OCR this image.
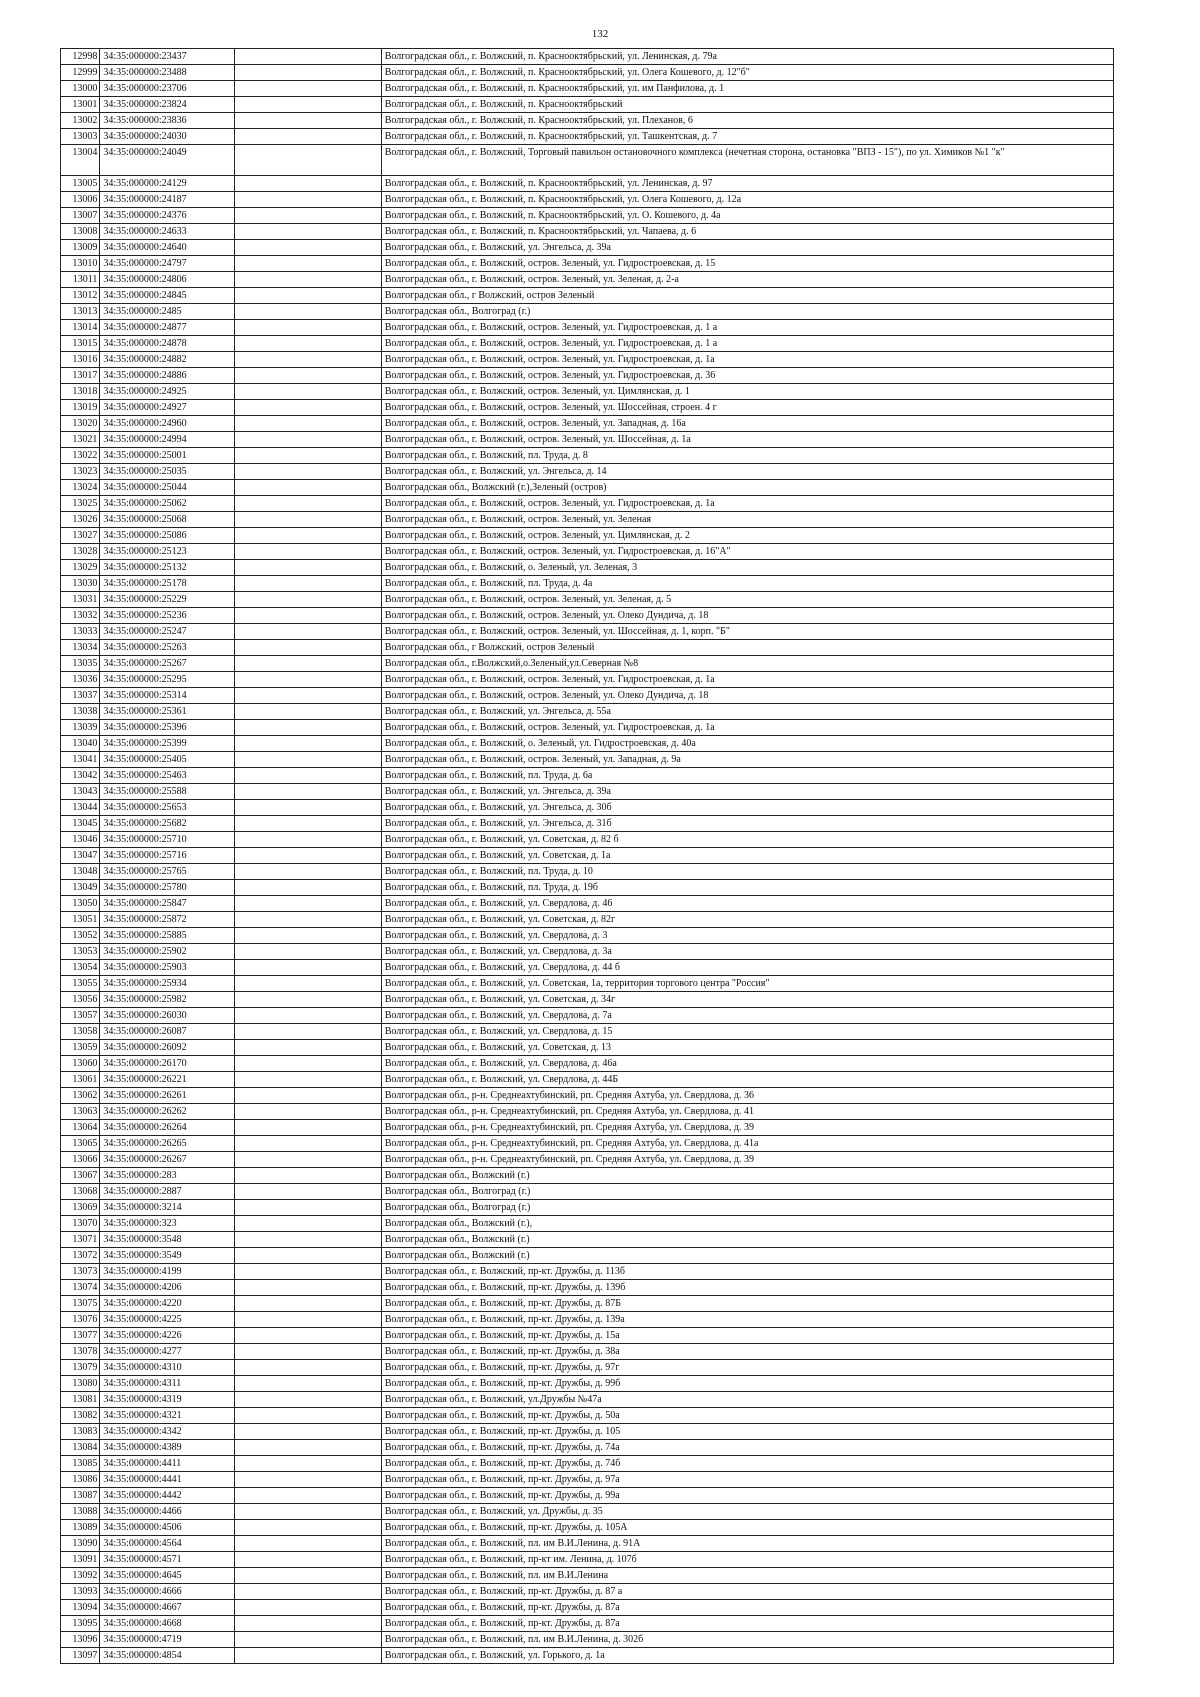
132
12998	34:35:000000:23437		Волгоградская обл., г. Волжский, п. Краснооктябрьский, ул. Ленинская, д. 79а
12999	34:35:000000:23488		Волгоградская обл., г. Волжский, п. Краснооктябрьский, ул. Олега Кошевого, д. 12"б"
13000	34:35:000000:23706		Волгоградская обл., г. Волжский, п. Краснооктябрьский, ул. им Панфилова, д. 1
13001	34:35:000000:23824		Волгоградская обл., г. Волжский, п. Краснооктябрьский
13002	34:35:000000:23836		Волгоградская обл., г. Волжский, п. Краснооктябрьский, ул. Плеханов, 6
13003	34:35:000000:24030		Волгоградская обл., г. Волжский, п. Краснооктябрьский, ул. Ташкентская, д. 7
13004	34:35:000000:24049		Волгоградская обл., г. Волжский, Торговый павильон остановочного комплекса (нечетная сторона, остановка "ВПЗ - 15"), по ул. Химиков №1 "к"
13005	34:35:000000:24129		Волгоградская обл., г. Волжский, п. Краснооктябрьский, ул. Ленинская, д. 97
13006	34:35:000000:24187		Волгоградская обл., г. Волжский, п. Краснооктябрьский, ул. Олега Кошевого, д. 12а
13007	34:35:000000:24376		Волгоградская обл., г. Волжский, п. Краснооктябрьский, ул. О. Кошевого, д. 4а
13008	34:35:000000:24633		Волгоградская обл., г. Волжский, п. Краснооктябрьский, ул. Чапаева, д. 6
13009	34:35:000000:24640		Волгоградская обл., г. Волжский, ул. Энгельса, д. 39а
13010	34:35:000000:24797		Волгоградская обл., г. Волжский, остров. Зеленый, ул. Гидростроевская, д. 15
13011	34:35:000000:24806		Волгоградская обл., г. Волжский, остров. Зеленый, ул. Зеленая, д. 2-а
13012	34:35:000000:24845		Волгоградская обл., г Волжский, остров Зеленый
13013	34:35:000000:2485		Волгоградская обл., Волгоград (г.)
13014	34:35:000000:24877		Волгоградская обл., г. Волжский, остров. Зеленый, ул. Гидростроевская, д. 1 а
13015	34:35:000000:24878		Волгоградская обл., г. Волжский, остров. Зеленый, ул. Гидростроевская, д. 1 а
13016	34:35:000000:24882		Волгоградская обл., г. Волжский, остров. Зеленый, ул. Гидростроевская, д. 1а
13017	34:35:000000:24886		Волгоградская обл., г. Волжский, остров. Зеленый, ул. Гидростроевская, д. 36
13018	34:35:000000:24925		Волгоградская обл., г. Волжский, остров. Зеленый, ул. Цимлянская, д. 1
13019	34:35:000000:24927		Волгоградская обл., г. Волжский, остров. Зеленый, ул. Шоссейная, строен. 4 г
13020	34:35:000000:24960		Волгоградская обл., г. Волжский, остров. Зеленый, ул. Западная, д. 16а
13021	34:35:000000:24994		Волгоградская обл., г. Волжский, остров. Зеленый, ул. Шоссейная, д. 1а
13022	34:35:000000:25001		Волгоградская обл., г. Волжский, пл. Труда, д. 8
13023	34:35:000000:25035		Волгоградская обл., г. Волжский, ул. Энгельса, д. 14
13024	34:35:000000:25044		Волгоградская обл., Волжский (г.),Зеленый (остров)
13025	34:35:000000:25062		Волгоградская обл., г. Волжский, остров. Зеленый, ул. Гидростроевская, д. 1а
13026	34:35:000000:25068		Волгоградская обл., г. Волжский, остров. Зеленый, ул. Зеленая
13027	34:35:000000:25086		Волгоградская обл., г. Волжский, остров. Зеленый, ул. Цимлянская, д. 2
13028	34:35:000000:25123		Волгоградская обл., г. Волжский, остров. Зеленый, ул. Гидростроевская, д. 16"А"
13029	34:35:000000:25132		Волгоградская обл., г. Волжский, о. Зеленый, ул. Зеленая, 3
13030	34:35:000000:25178		Волгоградская обл., г. Волжский, пл. Труда, д. 4а
13031	34:35:000000:25229		Волгоградская обл., г. Волжский, остров. Зеленый, ул. Зеленая, д. 5
13032	34:35:000000:25236		Волгоградская обл., г. Волжский, остров. Зеленый, ул. Олеко Дундича, д. 18
13033	34:35:000000:25247		Волгоградская обл., г. Волжский, остров. Зеленый, ул. Шоссейная, д. 1, корп. "Б"
13034	34:35:000000:25263		Волгоградская обл., г Волжский, остров Зеленый
13035	34:35:000000:25267		Волгоградская обл., г.Волжский,о.Зеленый,ул.Северная №8
13036	34:35:000000:25295		Волгоградская обл., г. Волжский, остров. Зеленый, ул. Гидростроевская, д. 1а
13037	34:35:000000:25314		Волгоградская обл., г. Волжский, остров. Зеленый, ул. Олеко Дундича, д. 18
13038	34:35:000000:25361		Волгоградская обл., г. Волжский, ул. Энгельса, д. 55а
13039	34:35:000000:25396		Волгоградская обл., г. Волжский, остров. Зеленый, ул. Гидростроевская, д. 1а
13040	34:35:000000:25399		Волгоградская обл., г. Волжский, о. Зеленый, ул. Гидростроевская, д. 40а
13041	34:35:000000:25405		Волгоградская обл., г. Волжский, остров. Зеленый, ул. Западная, д. 9а
13042	34:35:000000:25463		Волгоградская обл., г. Волжский, пл. Труда, д. 6а
13043	34:35:000000:25588		Волгоградская обл., г. Волжский, ул. Энгельса, д. 39а
13044	34:35:000000:25653		Волгоградская обл., г. Волжский, ул. Энгельса, д. 30б
13045	34:35:000000:25682		Волгоградская обл., г. Волжский, ул. Энгельса, д. 31б
13046	34:35:000000:25710		Волгоградская обл., г. Волжский, ул. Советская, д. 82 б
13047	34:35:000000:25716		Волгоградская обл., г. Волжский, ул. Советская, д. 1а
13048	34:35:000000:25765		Волгоградская обл., г. Волжский, пл. Труда, д. 10
13049	34:35:000000:25780		Волгоградская обл., г. Волжский, пл. Труда, д. 19б
13050	34:35:000000:25847		Волгоградская обл., г. Волжский, ул. Свердлова, д. 46
13051	34:35:000000:25872		Волгоградская обл., г. Волжский, ул. Советская, д. 82г
13052	34:35:000000:25885		Волгоградская обл., г. Волжский, ул. Свердлова, д. 3
13053	34:35:000000:25902		Волгоградская обл., г. Волжский, ул. Свердлова, д. 3а
13054	34:35:000000:25903		Волгоградская обл., г. Волжский, ул. Свердлова, д. 44 б
13055	34:35:000000:25934		Волгоградская обл., г. Волжский, ул. Советская, 1а, территория торгового центра "Россия"
13056	34:35:000000:25982		Волгоградская обл., г. Волжский, ул. Советская, д. 34г
13057	34:35:000000:26030		Волгоградская обл., г. Волжский, ул. Свердлова, д. 7а
13058	34:35:000000:26087		Волгоградская обл., г. Волжский, ул. Свердлова, д. 15
13059	34:35:000000:26092		Волгоградская обл., г. Волжский, ул. Советская, д. 13
13060	34:35:000000:26170		Волгоградская обл., г. Волжский, ул. Свердлова, д. 46а
13061	34:35:000000:26221		Волгоградская обл., г. Волжский, ул. Свердлова, д. 44Б
13062	34:35:000000:26261		Волгоградская обл., р-н. Среднеахтубинский, рп. Средняя Ахтуба, ул. Свердлова, д. 36
13063	34:35:000000:26262		Волгоградская обл., р-н. Среднеахтубинский, рп. Средняя Ахтуба, ул. Свердлова, д. 41
13064	34:35:000000:26264		Волгоградская обл., р-н. Среднеахтубинский, рп. Средняя Ахтуба, ул. Свердлова, д. 39
13065	34:35:000000:26265		Волгоградская обл., р-н. Среднеахтубинский, рп. Средняя Ахтуба, ул. Свердлова, д. 41а
13066	34:35:000000:26267		Волгоградская обл., р-н. Среднеахтубинский, рп. Средняя Ахтуба, ул. Свердлова, д. 39
13067	34:35:000000:283		Волгоградская обл., Волжский (г.)
13068	34:35:000000:2887		Волгоградская обл., Волгоград (г.)
13069	34:35:000000:3214		Волгоградская обл., Волгоград (г.)
13070	34:35:000000:323		Волгоградская обл., Волжский (г.),
13071	34:35:000000:3548		Волгоградская обл., Волжский (г.)
13072	34:35:000000:3549		Волгоградская обл., Волжский (г.)
13073	34:35:000000:4199		Волгоградская обл., г. Волжский, пр-кт. Дружбы, д. 113б
13074	34:35:000000:4206		Волгоградская обл., г. Волжский, пр-кт. Дружбы, д. 139б
13075	34:35:000000:4220		Волгоградская обл., г. Волжский, пр-кт. Дружбы, д. 87Б
13076	34:35:000000:4225		Волгоградская обл., г. Волжский, пр-кт. Дружбы, д. 139а
13077	34:35:000000:4226		Волгоградская обл., г. Волжский, пр-кт. Дружбы, д. 15а
13078	34:35:000000:4277		Волгоградская обл., г. Волжский, пр-кт. Дружбы, д. 38а
13079	34:35:000000:4310		Волгоградская обл., г. Волжский, пр-кт. Дружбы, д. 97г
13080	34:35:000000:4311		Волгоградская обл., г. Волжский, пр-кт. Дружбы, д. 99б
13081	34:35:000000:4319		Волгоградская обл., г. Волжский, ул.Дружбы №47а
13082	34:35:000000:4321		Волгоградская обл., г. Волжский, пр-кт. Дружбы, д. 50а
13083	34:35:000000:4342		Волгоградская обл., г. Волжский, пр-кт. Дружбы, д. 105
13084	34:35:000000:4389		Волгоградская обл., г. Волжский, пр-кт. Дружбы, д. 74а
13085	34:35:000000:4411		Волгоградская обл., г. Волжский, пр-кт. Дружбы, д. 74б
13086	34:35:000000:4441		Волгоградская обл., г. Волжский, пр-кт. Дружбы, д. 97а
13087	34:35:000000:4442		Волгоградская обл., г. Волжский, пр-кт. Дружбы, д. 99а
13088	34:35:000000:4466		Волгоградская обл., г. Волжский, ул. Дружбы, д. 35
13089	34:35:000000:4506		Волгоградская обл., г. Волжский, пр-кт. Дружбы, д. 105А
13090	34:35:000000:4564		Волгоградская обл., г. Волжский, пл. им В.И.Ленина, д. 91А
13091	34:35:000000:4571		Волгоградская обл., г. Волжский, пр-кт им. Ленина, д. 107б
13092	34:35:000000:4645		Волгоградская обл., г. Волжский, пл. им В.И.Ленина
13093	34:35:000000:4666		Волгоградская обл., г. Волжский, пр-кт. Дружбы, д. 87 а
13094	34:35:000000:4667		Волгоградская обл., г. Волжский, пр-кт. Дружбы, д. 87а
13095	34:35:000000:4668		Волгоградская обл., г. Волжский, пр-кт. Дружбы, д. 87а
13096	34:35:000000:4719		Волгоградская обл., г. Волжский, пл. им В.И.Ленина, д. 302б
13097	34:35:000000:4854		Волгоградская обл., г. Волжский, ул. Горького, д. 1а
